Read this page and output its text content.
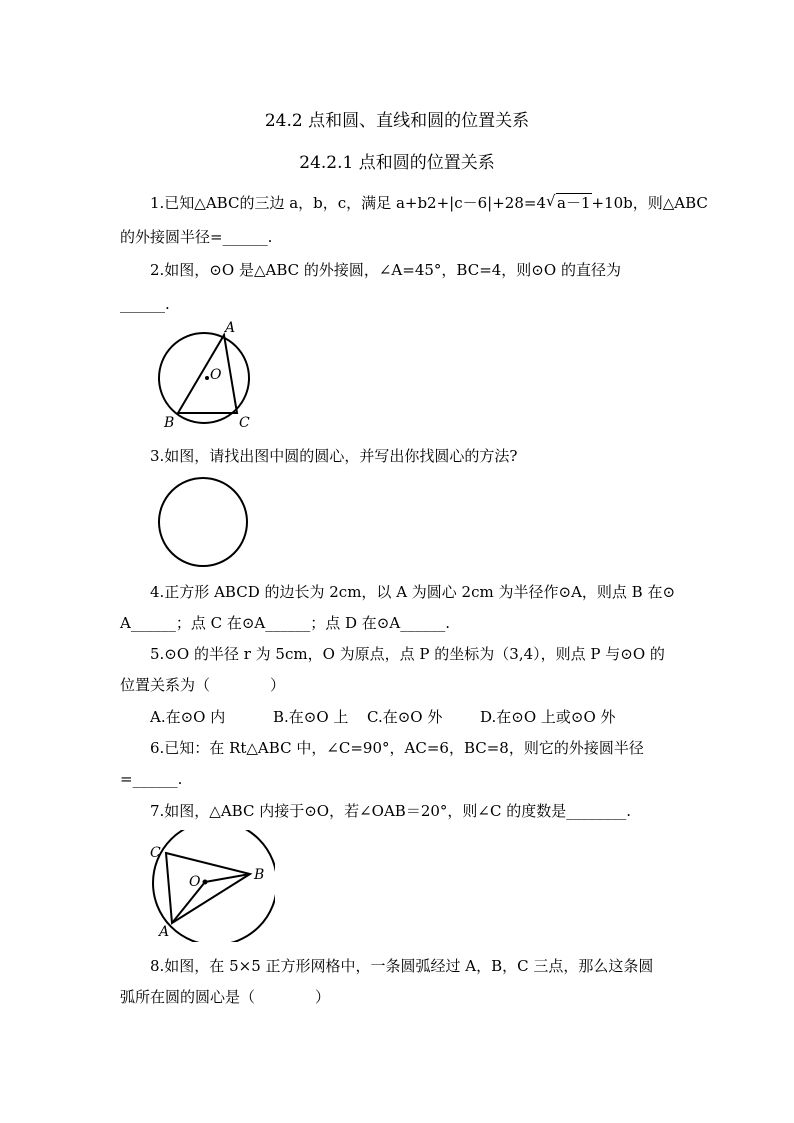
24.2 点和圆、直线和圆的位置关系
24.2.1 点和圆的位置关系
1.已知△ABC的三边 a，b，c，满足 a+b2+|c－6|+28=4 √ a－1+10b，则△ABC
的外接圆半径=______.
2.如图，⊙O 是△ABC 的外接圆，∠A=45°，BC=4，则⊙O 的直径为
______.
A
O
B	C
3.如图，请找出图中圆的圆心，并写出你找圆心的方法?
4.正方形 ABCD 的边长为 2cm，以 A 为圆心 2cm 为半径作⊙A，则点 B 在⊙
A______；点 C 在⊙A______；点 D 在⊙A______.
5.⊙O 的半径 r 为 5cm，O 为原点，点 P 的坐标为（3,4），则点 P 与⊙O 的
位置关系为（　　　　）
A.在⊙O 内	B.在⊙O 上 C.在⊙O 外	D.在⊙O 上或⊙O 外
6.已知：在 Rt△ABC 中，∠C=90°，AC=6，BC=8，则它的外接圆半径
=______.
7.如图，△ABC 内接于⊙O，若∠OAB＝20°，则∠C 的度数是________.
C
O	B
A
8.如图，在 5×5 正方形网格中，一条圆弧经过 A，B，C 三点，那么这条圆
弧所在圆的圆心是（　　　　）
